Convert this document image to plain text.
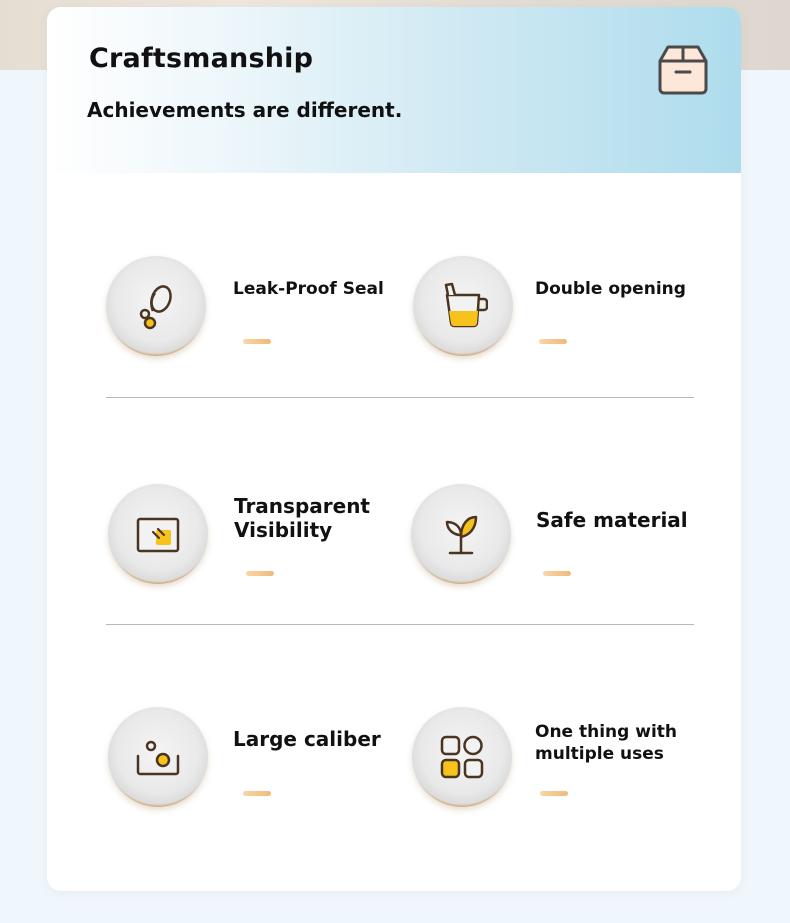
Craftsmanship
Achievements are different.
Leak-Proof Seal	Double opening
Transparent Visibility	Safe material
Large caliber	One thing with multiple uses
